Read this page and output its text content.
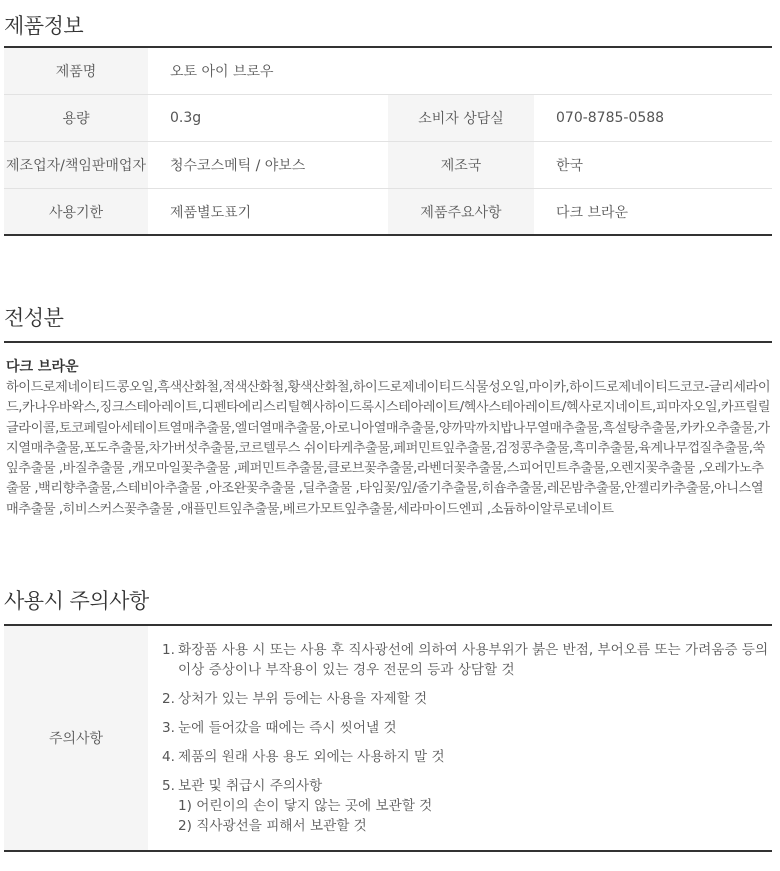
제품정보
제품명	오토 아이 브로우		
용량	0.3g	소비자 상담실	070-8785-0588
제조업자/책임판매업자	청수코스메틱 / 야보스	제조국	한국
사용기한	제품별도표기	제품주요사항	다크 브라운
전성분
다크 브라운
하이드로제네이티드콩오일,흑색산화철,적색산화철,황색산화철,하이드로제네이티드식물성오일,마이카,하이드로제네이티드코코-글리세라이드,카나우바왁스,징크스테아레이트,디펜타에리스리틸헥사하이드록시스테아레이트/헥사스테아레이트/헥사로지네이트,피마자오일,카프릴릴글라이콜,토코페릴아세테이트열매추출물,엘더열매추출물,아로니아열매추출물,양까막까치밥나무열매추출물,흑설탕추출물,카카오추출물,가지열매추출물,포도추출물,차가버섯추출물,코르텔루스 쉬이타케추출물,페퍼민트잎추출물,검정콩추출물,흑미추출물,육계나무껍질추출물,쑥잎추출물 ,바질추출물 ,캐모마일꽃추출물 ,페퍼민트추출물,클로브꽃추출물,라벤더꽃추출물,스피어민트추출물,오렌지꽃추출물 ,오레가노추출물 ,백리향추출물,스테비아추출물 ,아조완꽃추출물 ,딜추출물 ,타임꽃/잎/줄기추출물,히숍추출물,레몬밤추출물,안젤리카추출물,아니스열매추출물 ,히비스커스꽃추출물 ,애플민트잎추출물,베르가모트잎추출물,세라마이드엔피 ,소듐하이알루로네이트
사용시 주의사항
주의사항
1. 화장품 사용 시 또는 사용 후 직사광선에 의하여 사용부위가 붉은 반점, 부어오름 또는 가려움증 등의
이상 증상이나 부작용이 있는 경우 전문의 등과 상담할 것
2. 상처가 있는 부위 등에는 사용을 자제할 것
3. 눈에 들어갔을 때에는 즉시 씻어낼 것
4. 제품의 원래 사용 용도 외에는 사용하지 말 것
5. 보관 및 취급시 주의사항
1) 어린이의 손이 닿지 않는 곳에 보관할 것
2) 직사광선을 피해서 보관할 것
